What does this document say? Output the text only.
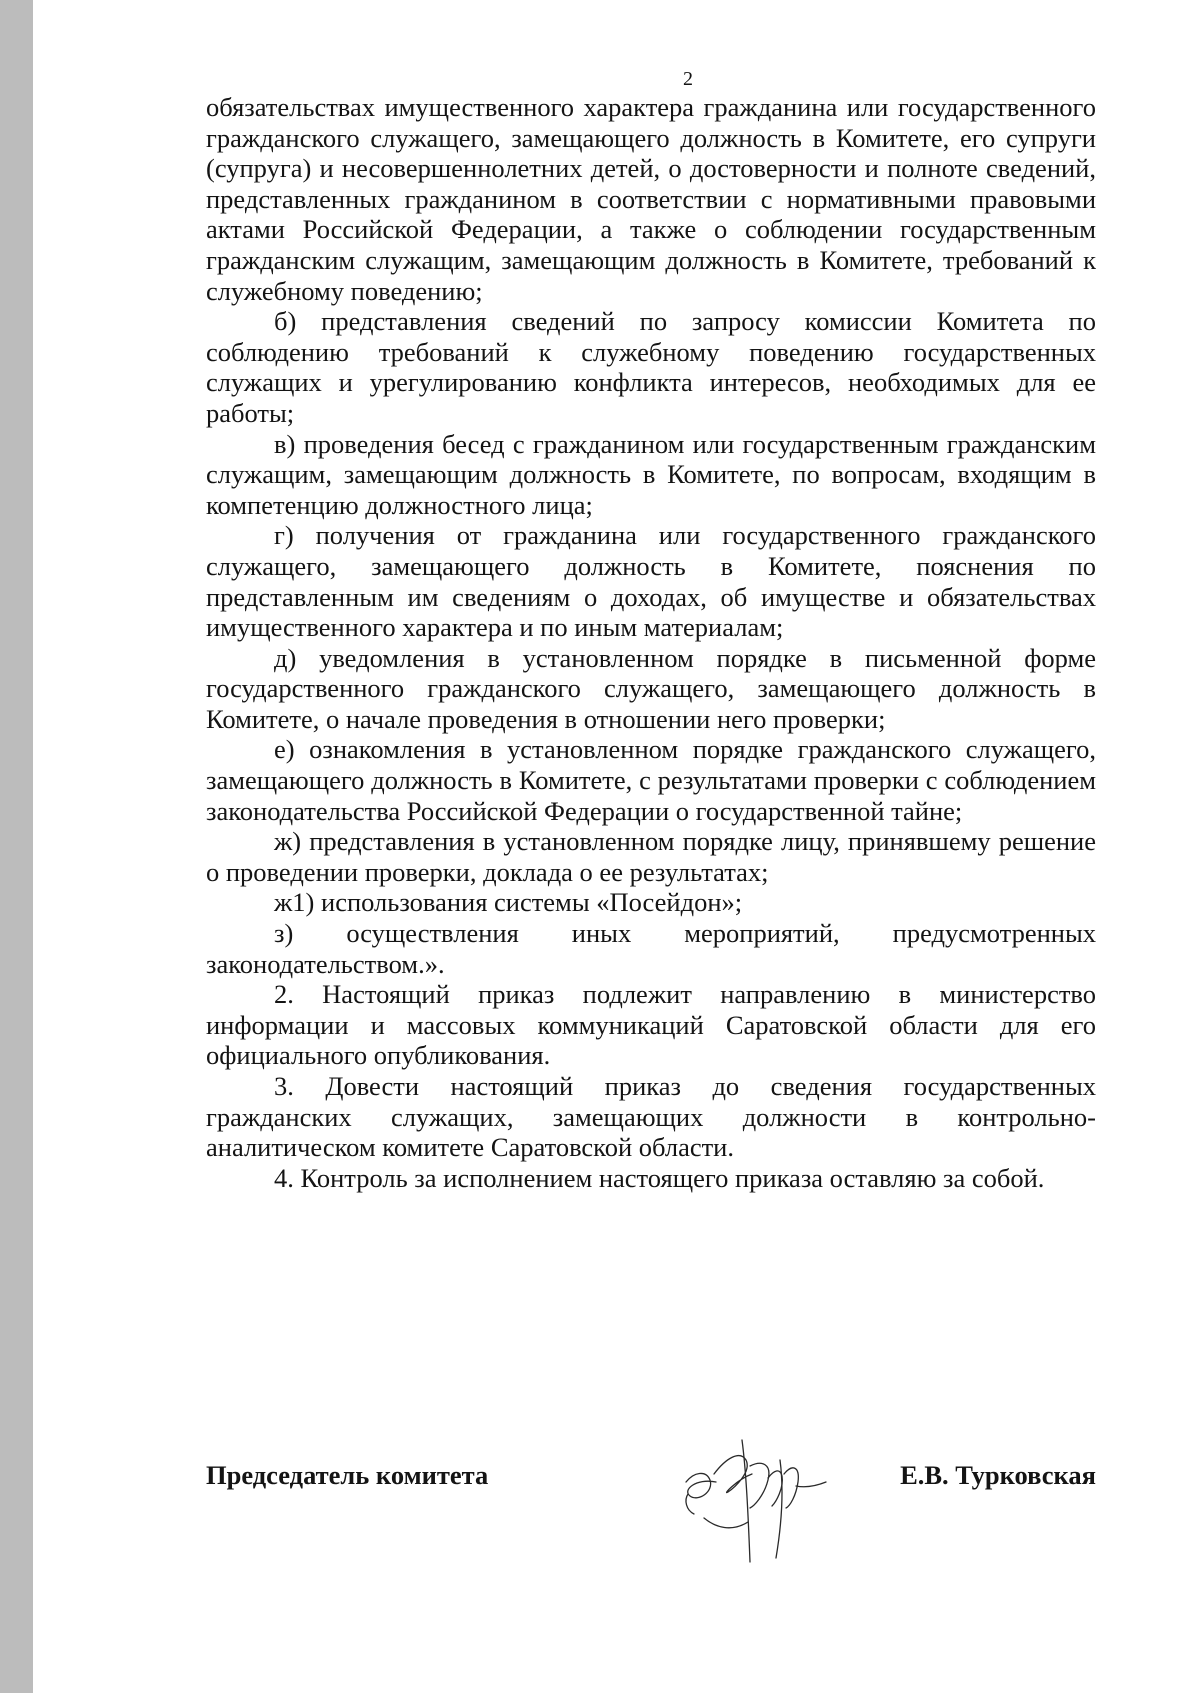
2

обязательствах имущественного характера гражданина или государственного гражданского служащего, замещающего должность в Комитете, его супруги (супруга) и несовершеннолетних детей, о достоверности и полноте сведений, представленных гражданином в соответствии с нормативными правовыми актами Российской Федерации, а также о соблюдении государственным гражданским служащим, замещающим должность в Комитете, требований к служебному поведению;

б) представления сведений по запросу комиссии Комитета по соблюдению требований к служебному поведению государственных служащих и урегулированию конфликта интересов, необходимых для ее работы;

в) проведения бесед с гражданином или государственным гражданским служащим, замещающим должность в Комитете, по вопросам, входящим в компетенцию должностного лица;

г) получения от гражданина или государственного гражданского служащего, замещающего должность в Комитете, пояснения по представленным им сведениям о доходах, об имуществе и обязательствах имущественного характера и по иным материалам;

д) уведомления в установленном порядке в письменной форме государственного гражданского служащего, замещающего должность в Комитете, о начале проведения в отношении него проверки;

е) ознакомления в установленном порядке гражданского служащего, замещающего должность в Комитете, с результатами проверки с соблюдением законодательства Российской Федерации о государственной тайне;

ж) представления в установленном порядке лицу, принявшему решение о проведении проверки, доклада о ее результатах;

ж1) использования системы «Посейдон»;

з) осуществления иных мероприятий, предусмотренных законодательством.».

2. Настоящий приказ подлежит направлению в министерство информации и массовых коммуникаций Саратовской области для его официального опубликования.

3. Довести настоящий приказ до сведения государственных гражданских служащих, замещающих должности в контрольно-аналитическом комитете Саратовской области.

4. Контроль за исполнением настоящего приказа оставляю за собой.

Председатель комитета	Е.В. Турковская
